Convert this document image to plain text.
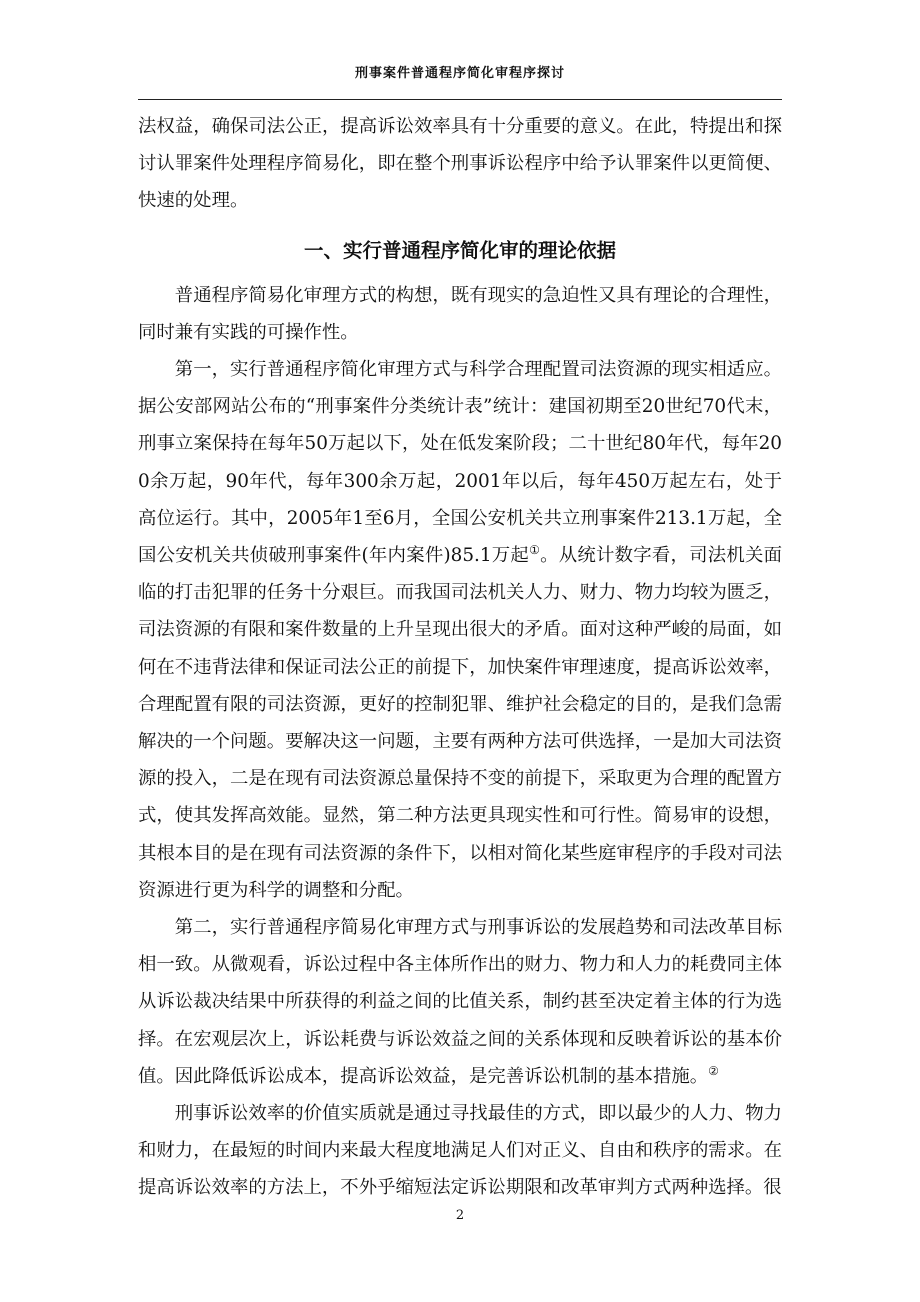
刑事案件普通程序简化审程序探讨

法权益，确保司法公正，提高诉讼效率具有十分重要的意义。在此，特提出和探讨认罪案件处理程序简易化，即在整个刑事诉讼程序中给予认罪案件以更简便、快速的处理。

一、实行普通程序简化审的理论依据

普通程序简易化审理方式的构想，既有现实的急迫性又具有理论的合理性，同时兼有实践的可操作性。

第一，实行普通程序简化审理方式与科学合理配置司法资源的现实相适应。据公安部网站公布的“刑事案件分类统计表”统计：建国初期至20世纪70代末，刑事立案保持在每年50万起以下，处在低发案阶段；二十世纪80年代，每年200余万起，90年代，每年300余万起，2001年以后，每年450万起左右，处于高位运行。其中，2005年1至6月，全国公安机关共立刑事案件213.1万起，全国公安机关共侦破刑事案件(年内案件)85.1万起①。从统计数字看，司法机关面临的打击犯罪的任务十分艰巨。而我国司法机关人力、财力、物力均较为匮乏，司法资源的有限和案件数量的上升呈现出很大的矛盾。面对这种严峻的局面，如何在不违背法律和保证司法公正的前提下，加快案件审理速度，提高诉讼效率，合理配置有限的司法资源，更好的控制犯罪、维护社会稳定的目的，是我们急需解决的一个问题。要解决这一问题，主要有两种方法可供选择，一是加大司法资源的投入，二是在现有司法资源总量保持不变的前提下，采取更为合理的配置方式，使其发挥高效能。显然，第二种方法更具现实性和可行性。简易审的设想，其根本目的是在现有司法资源的条件下，以相对简化某些庭审程序的手段对司法资源进行更为科学的调整和分配。

第二，实行普通程序简易化审理方式与刑事诉讼的发展趋势和司法改革目标相一致。从微观看，诉讼过程中各主体所作出的财力、物力和人力的耗费同主体从诉讼裁决结果中所获得的利益之间的比值关系，制约甚至决定着主体的行为选择。在宏观层次上，诉讼耗费与诉讼效益之间的关系体现和反映着诉讼的基本价值。因此降低诉讼成本，提高诉讼效益，是完善诉讼机制的基本措施。②

刑事诉讼效率的价值实质就是通过寻找最佳的方式，即以最少的人力、物力和财力，在最短的时间内来最大程度地满足人们对正义、自由和秩序的需求。在提高诉讼效率的方法上，不外乎缩短法定诉讼期限和改革审判方式两种选择。很

2
